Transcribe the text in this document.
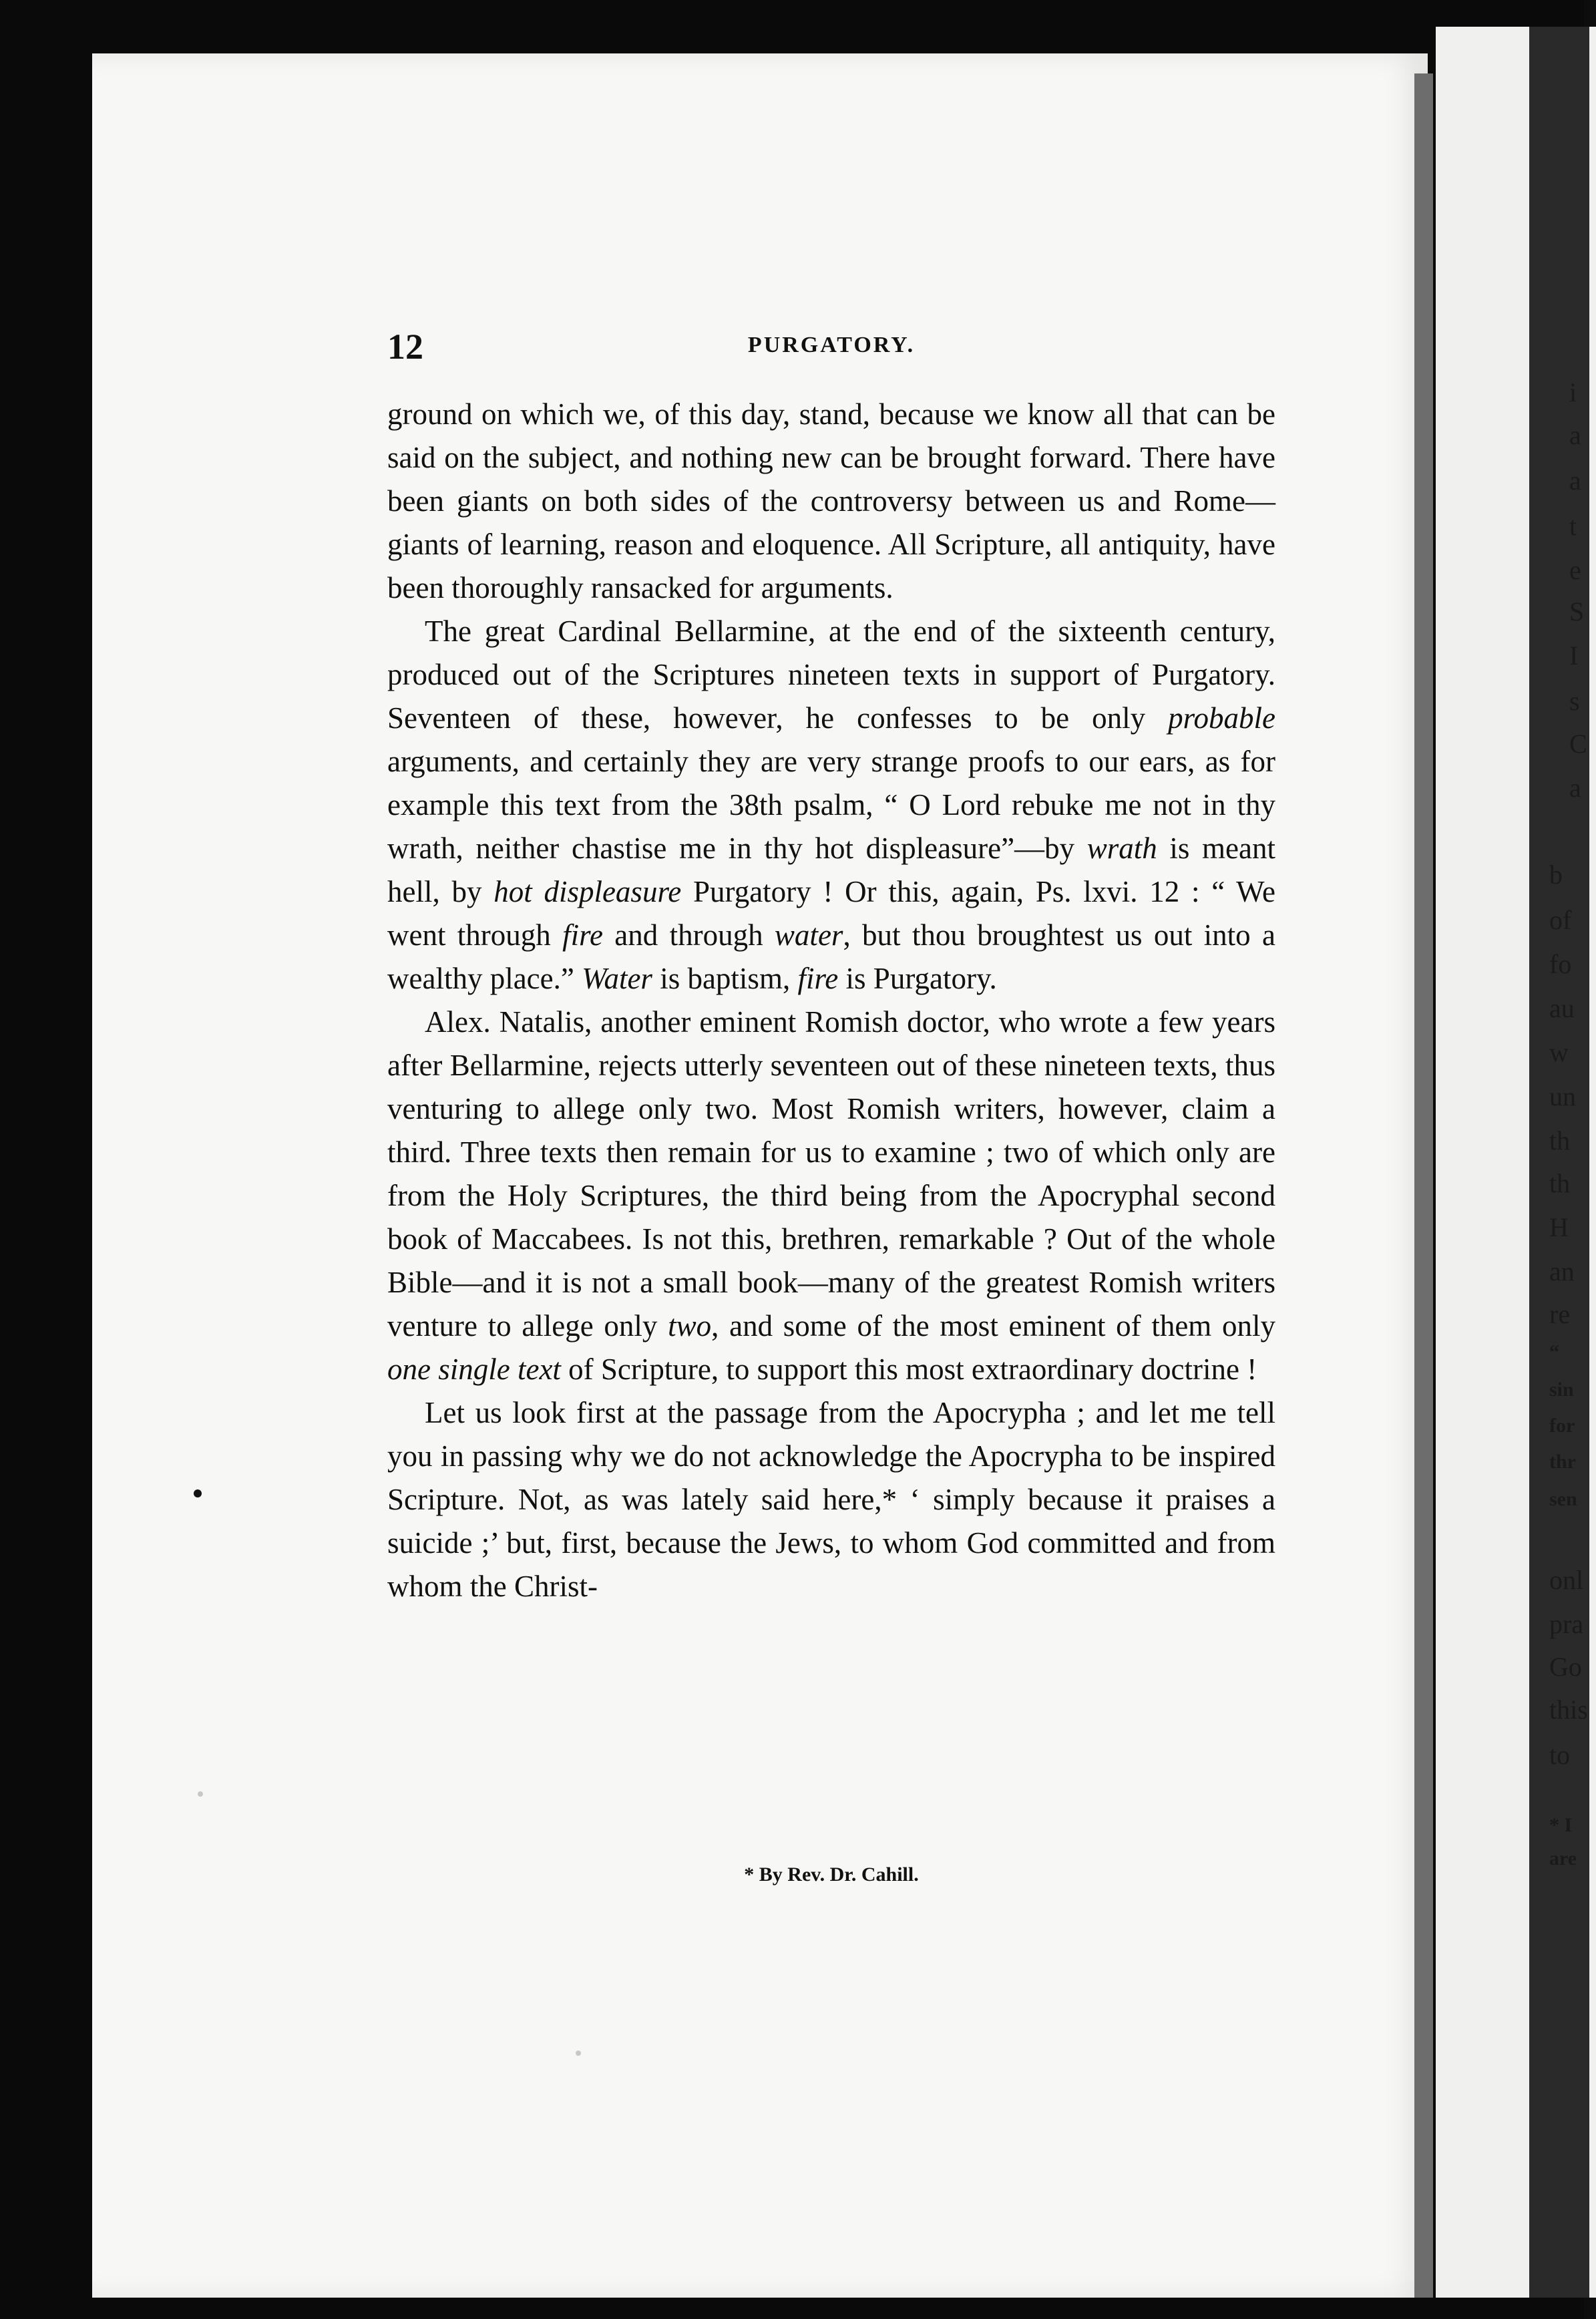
i
a
a
t
e
S
I
s
C
a
b
of
fo
au
w
un
th
th
H
an
re
“
sin
for
thr
sen
onl
pra
Go
this
to
* I
are
12	PURGATORY.

ground on which we, of this day, stand, because we know all that can be said on the subject, and nothing new can be brought forward. There have been giants on both sides of the controversy between us and Rome—giants of learning, reason and eloquence. All Scripture, all antiquity, have been thoroughly ransacked for arguments.

The great Cardinal Bellarmine, at the end of the sixteenth century, produced out of the Scriptures nineteen texts in support of Purgatory. Seventeen of these, however, he confesses to be only probable arguments, and certainly they are very strange proofs to our ears, as for example this text from the 38th psalm, “ O Lord rebuke me not in thy wrath, neither chastise me in thy hot displeasure”—by wrath is meant hell, by hot displeasure Purgatory ! Or this, again, Ps. lxvi. 12 : “ We went through fire and through water, but thou broughtest us out into a wealthy place.” Water is baptism, fire is Purgatory.

Alex. Natalis, another eminent Romish doctor, who wrote a few years after Bellarmine, rejects utterly seventeen out of these nineteen texts, thus venturing to allege only two. Most Romish writers, however, claim a third. Three texts then remain for us to examine ; two of which only are from the Holy Scriptures, the third being from the Apocryphal second book of Maccabees. Is not this, brethren, remarkable ? Out of the whole Bible—and it is not a small book—many of the greatest Romish writers venture to allege only two, and some of the most eminent of them only one single text of Scripture, to support this most extraordinary doctrine !

Let us look first at the passage from the Apocrypha ; and let me tell you in passing why we do not acknowledge the Apocrypha to be inspired Scripture. Not, as was lately said here,* ‘ simply because it praises a suicide ;’ but, first, because the Jews, to whom God committed and from whom the Christ-

* By Rev. Dr. Cahill.
